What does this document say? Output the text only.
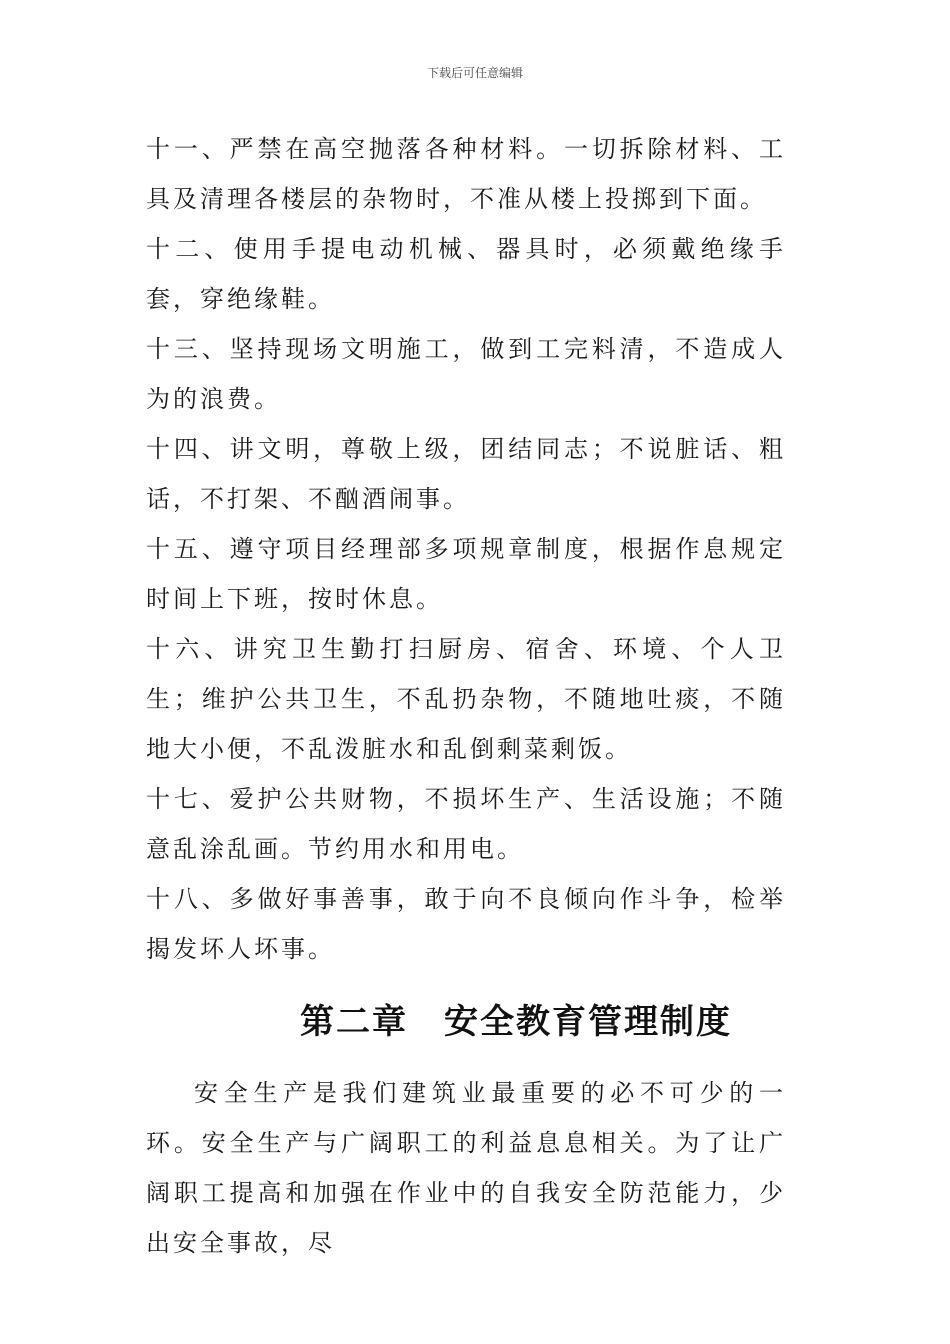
下载后可任意编辑

十一、严禁在高空抛落各种材料。一切拆除材料、工具及清理各楼层的杂物时，不准从楼上投掷到下面。

十二、使用手提电动机械、器具时，必须戴绝缘手套，穿绝缘鞋。

十三、坚持现场文明施工，做到工完料清，不造成人为的浪费。

十四、讲文明，尊敬上级，团结同志；不说脏话、粗话，不打架、不酗酒闹事。

十五、遵守项目经理部多项规章制度，根据作息规定时间上下班，按时休息。

十六、讲究卫生勤打扫厨房、宿舍、环境、个人卫生；维护公共卫生，不乱扔杂物，不随地吐痰，不随地大小便，不乱泼脏水和乱倒剩菜剩饭。

十七、爱护公共财物，不损坏生产、生活设施；不随意乱涂乱画。节约用水和用电。

十八、多做好事善事，敢于向不良倾向作斗争，检举揭发坏人坏事。

第二章　安全教育管理制度

安全生产是我们建筑业最重要的必不可少的一环。安全生产与广阔职工的利益息息相关。为了让广阔职工提高和加强在作业中的自我安全防范能力，少出安全事故，尽
